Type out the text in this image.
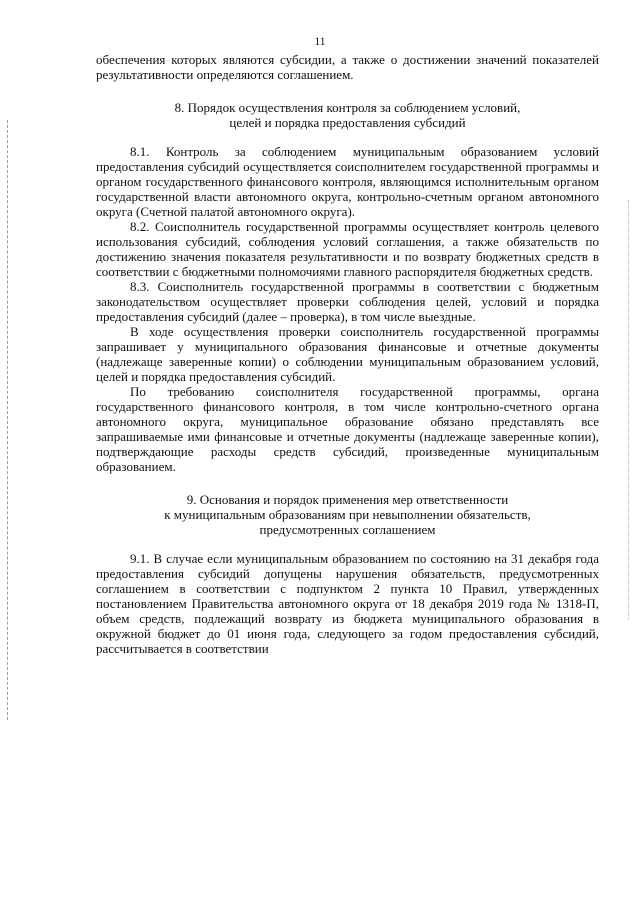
11

обеспечения которых являются субсидии, а также о достижении значений показателей результативности определяются соглашением.

8. Порядок осуществления контроля за соблюдением условий,
целей и порядка предоставления субсидий

8.1. Контроль за соблюдением муниципальным образованием условий предоставления субсидий осуществляется соисполнителем государственной программы и органом государственного финансового контроля, являющимся исполнительным органом государственной власти автономного округа, контрольно-счетным органом автономного округа (Счетной палатой автономного округа).

8.2. Соисполнитель государственной программы осуществляет контроль целевого использования субсидий, соблюдения условий соглашения, а также обязательств по достижению значения показателя результативности и по возврату бюджетных средств в соответствии с бюджетными полномочиями главного распорядителя бюджетных средств.

8.3. Соисполнитель государственной программы в соответствии с бюджетным законодательством осуществляет проверки соблюдения целей, условий и порядка предоставления субсидий (далее – проверка), в том числе выездные.

В ходе осуществления проверки соисполнитель государственной программы запрашивает у муниципального образования финансовые и отчетные документы (надлежаще заверенные копии) о соблюдении муниципальным образованием условий, целей и порядка предоставления субсидий.

По требованию соисполнителя государственной программы, органа государственного финансового контроля, в том числе контрольно-счетного органа автономного округа, муниципальное образование обязано представлять все запрашиваемые ими финансовые и отчетные документы (надлежаще заверенные копии), подтверждающие расходы средств субсидий, произведенные муниципальным образованием.

9. Основания и порядок применения мер ответственности
к муниципальным образованиям при невыполнении обязательств,
предусмотренных соглашением

9.1. В случае если муниципальным образованием по состоянию на 31 декабря года предоставления субсидий допущены нарушения обязательств, предусмотренных соглашением в соответствии с подпунктом 2 пункта 10 Правил, утвержденных постановлением Правительства автономного округа от 18 декабря 2019 года № 1318-П, объем средств, подлежащий возврату из бюджета муниципального образования в окружной бюджет до 01 июня года, следующего за годом предоставления субсидий, рассчитывается в соответствии
